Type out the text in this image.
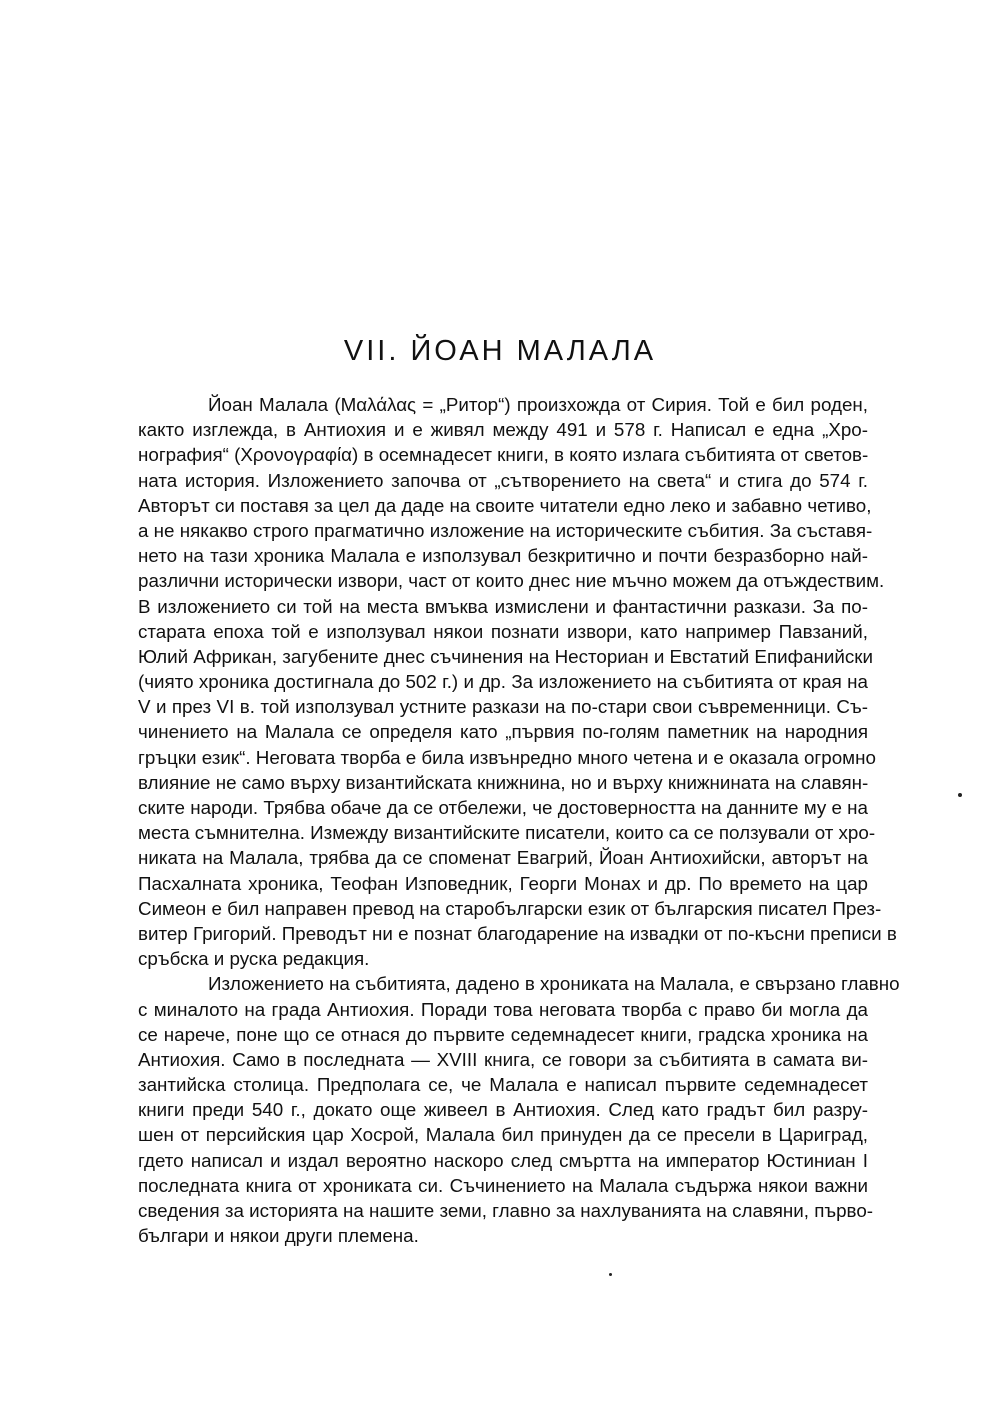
VII. ЙОАН МАЛАЛА
Йоан Малала (Μαλάλας = „Ритор“) произхожда от Сирия. Той е бил роден,
както изглежда, в Антиохия и е живял между 491 и 578 г. Написал е една „Хро-
нография“ (Χρονογραφία) в осемнадесет книги, в която излага събитията от светов-
ната история. Изложението започва от „сътворението на света“ и стига до 574 г.
Авторът си поставя за цел да даде на своите читатели едно леко и забавно четиво,
а не някакво строго прагматично изложение на историческите събития. За съставя-
нето на тази хроника Малала е използувал безкритично и почти безразборно най-
различни исторически извори, част от които днес ние мъчно можем да отъждествим.
В изложението си той на места вмъква измислени и фантастични разкази. За по-
старата епоха той е използувал някои познати извори, като например Павзаний,
Юлий Африкан, загубените днес съчинения на Несториан и Евстатий Епифанийски
(чиято хроника достигнала до 502 г.) и др. За изложението на събитията от края на
V и през VI в. той използувал устните разкази на по-стари свои съвременници. Съ-
чинението на Малала се определя като „първия по-голям паметник на народния
гръцки език“. Неговата творба е била извънредно много четена и е оказала огромно
влияние не само върху византийската книжнина, но и върху книжнината на славян-
ските народи. Трябва обаче да се отбележи, че достоверността на данните му е на
места съмнителна. Измежду византийските писатели, които са се ползували от хро-
никата на Малала, трябва да се споменат Евагрий, Йоан Антиохийски, авторът на
Пасхалната хроника, Теофан Изповедник, Георги Монах и др. По времето на цар
Симеон е бил направен превод на старобългарски език от българския писател През-
витер Григорий. Преводът ни е познат благодарение на извадки от по-късни преписи в
сръбска и руска редакция.
Изложението на събитията, дадено в хрониката на Малала, е свързано главно
с миналото на града Антиохия. Поради това неговата творба с право би могла да
се нарече, поне що се отнася до първите седемнадесет книги, градска хроника на
Антиохия. Само в последната — XVIII книга, се говори за събитията в самата ви-
зантийска столица. Предполага се, че Малала е написал първите седемнадесет
книги преди 540 г., докато още живеел в Антиохия. След като градът бил разру-
шен от персийския цар Хосрой, Малала бил принуден да се пресели в Цариград,
гдето написал и издал вероятно наскоро след смъртта на император Юстиниан I
последната книга от хрониката си. Съчинението на Малала съдържа някои важни
сведения за историята на нашите земи, главно за нахлуванията на славяни, първо-
българи и някои други племена.
